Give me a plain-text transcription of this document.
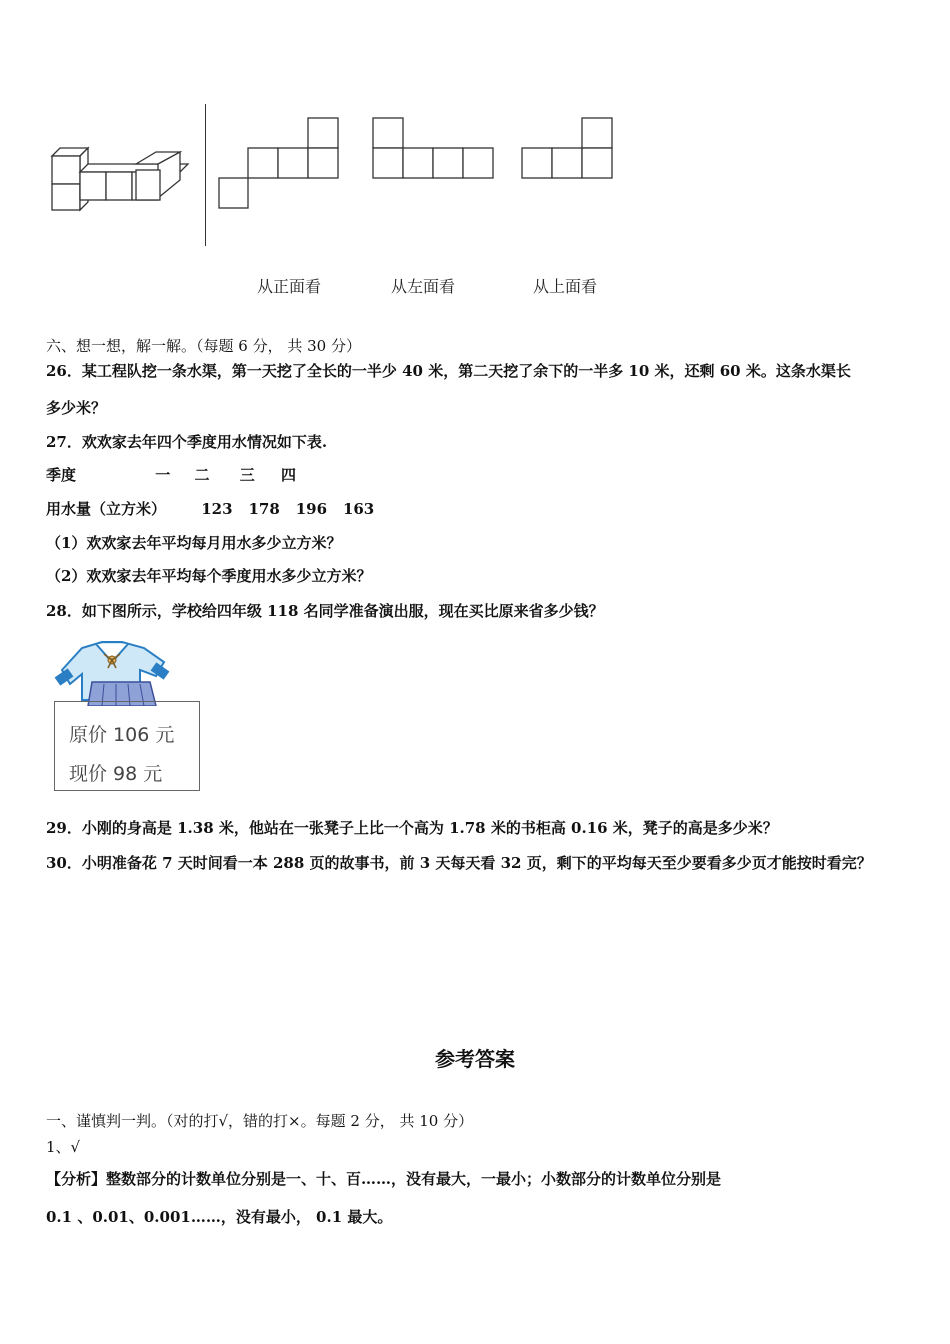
从正面看	从左面看	从上面看
六、想一想，解一解。（每题 6 分， 共 30 分）
26．某工程队挖一条水渠，第一天挖了全长的一半少 40 米，第二天挖了余下的一半多 10 米，还剩 60 米。这条水渠长
多少米？
27．欢欢家去年四个季度用水情况如下表.
季度	一 二 三 四
用水量（立方米） 123 178 196 163
（1）欢欢家去年平均每月用水多少立方米？
（2）欢欢家去年平均每个季度用水多少立方米？
28．如下图所示，学校给四年级 118 名同学准备演出服，现在买比原来省多少钱？
原价 106 元
现价 98 元
29．小刚的身高是 1.38 米，他站在一张凳子上比一个高为 1.78 米的书柜高 0.16 米，凳子的高是多少米？
30．小明准备花 7 天时间看一本 288 页的故事书，前 3 天每天看 32 页，剩下的平均每天至少要看多少页才能按时看完？
参考答案
一、谨慎判一判。（对的打√，错的打×。每题 2 分， 共 10 分）
1、√
【分析】整数部分的计数单位分别是一、十、百……，没有最大，一最小；小数部分的计数单位分别是
0.1 、0.01、0.001……，没有最小， 0.1 最大。
